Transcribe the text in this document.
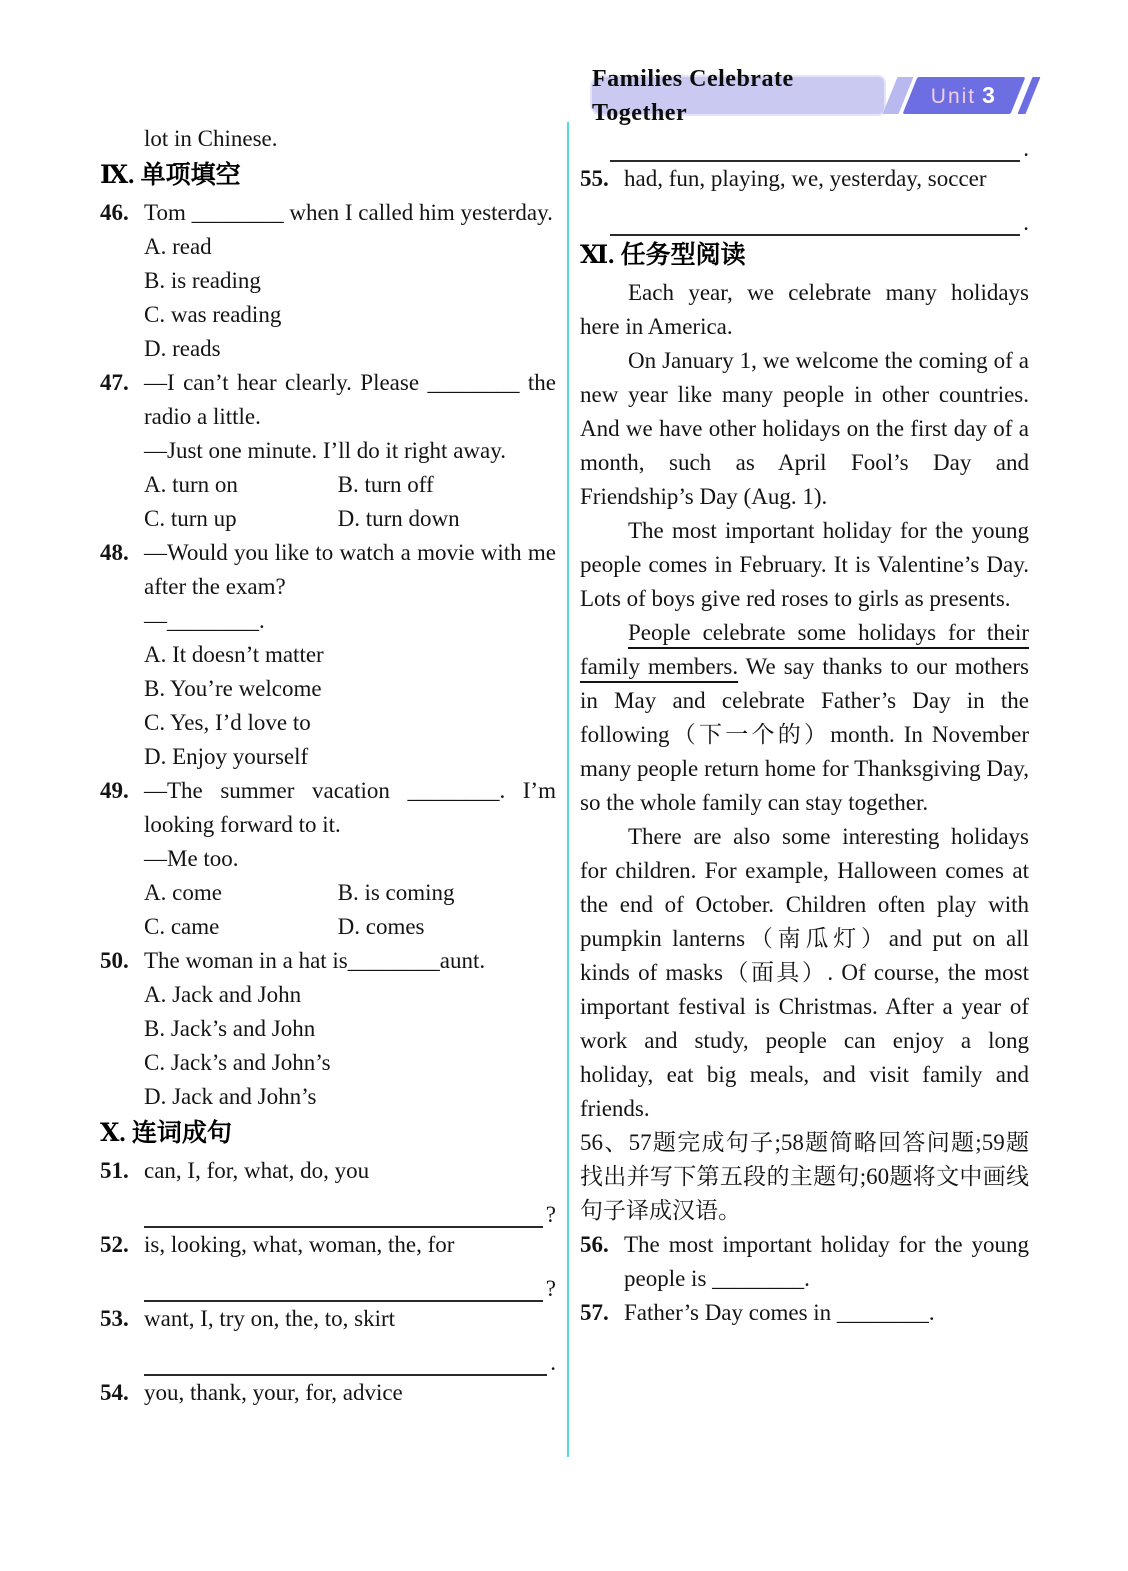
Families Celebrate Together
Unit 3
lot in Chinese.
Ⅸ. 单项填空
46. Tom ________ when I called him yesterday.

A. read
B. is reading
C. was reading
D. reads
47. —I can’t hear clearly. Please ________ the radio a little.

—Just one minute. I’ll do it right away.

A. turn on	B. turn off
C. turn up	D. turn down
48. —Would you like to watch a movie with me after the exam?

—________.

A. It doesn’t matter
B. You’re welcome
C. Yes, I’d love to
D. Enjoy yourself
49. —The summer vacation ________. I’m looking forward to it.

—Me too.

A. come	B. is coming
C. came	D. comes
50. The woman in a hat is________aunt.

A. Jack and John
B. Jack’s and John
C. Jack’s and John’s
D. Jack and John’s
Ⅹ. 连词成句
51. can, I, for, what, do, you

?
52. is, looking, what, woman, the, for

?
53. want, I, try on, the, to, skirt

.
54. you, thank, your, for, advice

.
55. had, fun, playing, we, yesterday, soccer

.
Ⅺ. 任务型阅读

Each year, we celebrate many holidays here in America.

On January 1, we welcome the coming of a new year like many people in other countries. And we have other holidays on the first day of a month, such as April Fool’s Day and Friendship’s Day (Aug. 1).

The most important holiday for the young people comes in February. It is Valentine’s Day. Lots of boys give red roses to girls as presents.

People celebrate some holidays for their family members. We say thanks to our mothers in May and celebrate Father’s Day in the following（下一个的）month. In November many people return home for Thanksgiving Day, so the whole family can stay together.

There are also some interesting holidays for children. For example, Halloween comes at the end of October. Children often play with pumpkin lanterns（南瓜灯）and put on all kinds of masks（面具）. Of course, the most important festival is Christmas. After a year of work and study, people can enjoy a long holiday, eat big meals, and visit family and friends.

56、57题完成句子;58题简略回答问题;59题找出并写下第五段的主题句;60题将文中画线句子译成汉语。

56. The most important holiday for the young people is ________.

57. Father’s Day comes in ________.
